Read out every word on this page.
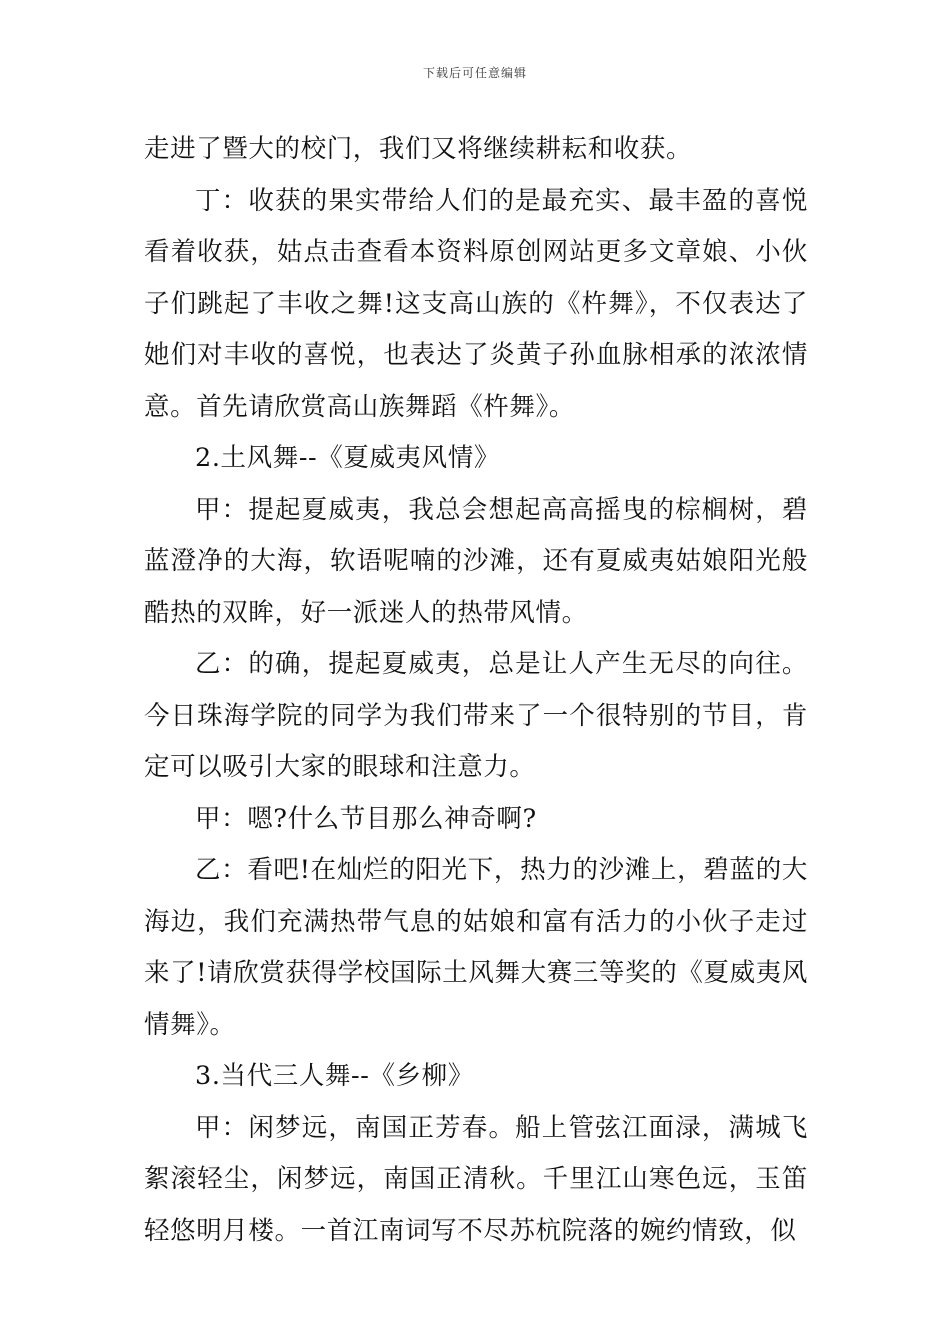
下载后可任意编辑

走进了暨大的校门，我们又将继续耕耘和收获。

丁：收获的果实带给人们的是最充实、最丰盈的喜悦看着收获，姑点击查看本资料原创网站更多文章娘、小伙子们跳起了丰收之舞!这支高山族的《杵舞》，不仅表达了她们对丰收的喜悦，也表达了炎黄子孙血脉相承的浓浓情意。首先请欣赏高山族舞蹈《杵舞》。

2.土风舞--《夏威夷风情》

甲：提起夏威夷，我总会想起高高摇曳的棕榈树，碧蓝澄净的大海，软语呢喃的沙滩，还有夏威夷姑娘阳光般酷热的双眸，好一派迷人的热带风情。

乙：的确，提起夏威夷，总是让人产生无尽的向往。今日珠海学院的同学为我们带来了一个很特别的节目，肯定可以吸引大家的眼球和注意力。

甲：嗯?什么节目那么神奇啊?

乙：看吧!在灿烂的阳光下，热力的沙滩上，碧蓝的大海边，我们充满热带气息的姑娘和富有活力的小伙子走过来了!请欣赏获得学校国际土风舞大赛三等奖的《夏威夷风情舞》。

3.当代三人舞--《乡柳》

甲：闲梦远，南国正芳春。船上管弦江面渌，满城飞絮滚轻尘，闲梦远，南国正清秋。千里江山寒色远，玉笛轻悠明月楼。一首江南词写不尽苏杭院落的婉约情致，似
